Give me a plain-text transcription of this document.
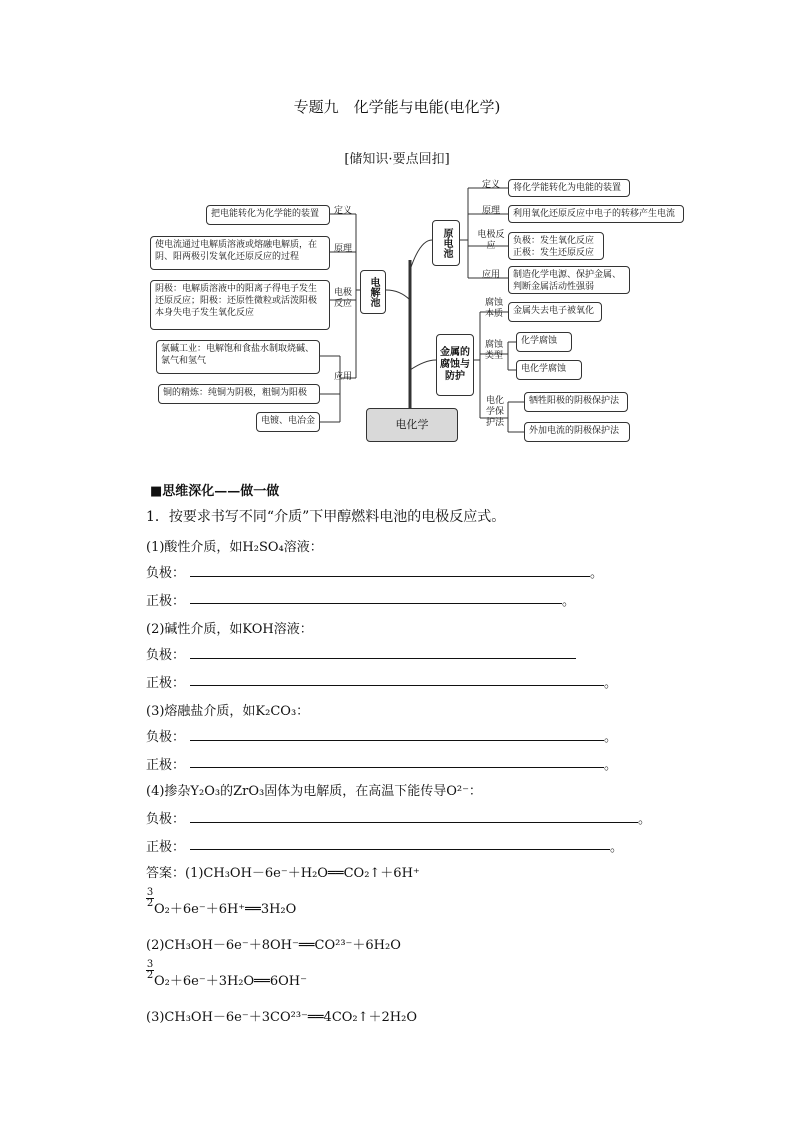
专题九　化学能与电能(电化学)
[储知识·要点回扣]
电化学
电解池
原电池
金属的腐蚀与防护
定义
原理
电极反应
应用
把电能转化为化学能的装置
使电流通过电解质溶液或熔融电解质，在阴、阳两极引发氧化还原反应的过程
阴极：电解质溶液中的阳离子得电子发生还原反应；阳极：还原性微粒或活泼阳极本身失电子发生氧化反应
氯碱工业：电解饱和食盐水制取烧碱、氯气和氢气
铜的精炼：纯铜为阴极，粗铜为阳极
电镀、电冶金
定义
原理
电极反应
应用
将化学能转化为电能的装置
利用氧化还原反应中电子的转移产生电流
负极：发生氧化反应 正极：发生还原反应
制造化学电源、保护金属、判断金属活动性强弱
腐蚀本质
腐蚀类型
电化学保护法
金属失去电子被氧化
化学腐蚀
电化学腐蚀
牺牲阳极的阴极保护法
外加电流的阴极保护法
■思维深化——做一做
1．按要求书写不同“介质”下甲醇燃料电池的电极反应式。
(1)酸性介质，如H₂SO₄溶液：
负极：	。
正极：	。
(2)碱性介质，如KOH溶液：
负极：
正极：	。
(3)熔融盐介质，如K₂CO₃：
负极：	。
正极：	。
(4)掺杂Y₂O₃的ZrO₃固体为电解质，在高温下能传导O²⁻：
负极：	。
正极：	。
答案：(1)CH₃OH－6e⁻＋H₂O══CO₂↑＋6H⁺
$\frac{3}{2}$
O₂＋6e⁻＋6H⁺══3H₂O
(2)CH₃OH－6e⁻＋8OH⁻══CO²³⁻＋6H₂O
$\frac{3}{2}$
O₂＋6e⁻＋3H₂O══6OH⁻
(3)CH₃OH－6e⁻＋3CO²³⁻══4CO₂↑＋2H₂O
